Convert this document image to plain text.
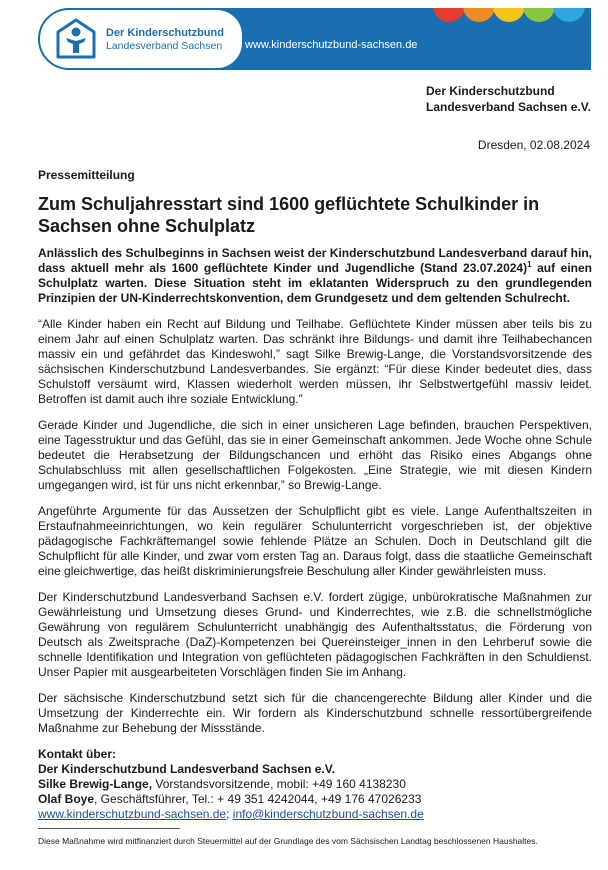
Der Kinderschutzbund
Landesverband Sachsen www.kinderschutzbund-sachsen.de
Der Kinderschutzbund
Landesverband Sachsen e.V.
Dresden, 02.08.2024
Pressemitteilung
Zum Schuljahresstart sind 1600 geflüchtete Schulkinder in Sachsen ohne Schulplatz

Anlässlich des Schulbeginns in Sachsen weist der Kinderschutzbund Landesverband darauf hin, dass aktuell mehr als 1600 geflüchtete Kinder und Jugendliche (Stand 23.07.2024)$^1$ auf einen Schulplatz warten. Diese Situation steht im eklatanten Widerspruch zu den grundlegenden Prinzipien der UN-Kinderrechtskonvention, dem Grundgesetz und dem geltenden Schulrecht.

“Alle Kinder haben ein Recht auf Bildung und Teilhabe. Geflüchtete Kinder müssen aber teils bis zu einem Jahr auf einen Schulplatz warten. Das schränkt ihre Bildungs- und damit ihre Teilhabechancen massiv ein und gefährdet das Kindeswohl,” sagt Silke Brewig-Lange, die Vorstandsvorsitzende des sächsischen Kinderschutzbund Landesverbandes. Sie ergänzt: “Für diese Kinder bedeutet dies, dass Schulstoff versäumt wird, Klassen wiederholt werden müssen, ihr Selbstwertgefühl massiv leidet. Betroffen ist damit auch ihre soziale Entwicklung.”

Gerade Kinder und Jugendliche, die sich in einer unsicheren Lage befinden, brauchen Perspektiven, eine Tagesstruktur und das Gefühl, das sie in einer Gemeinschaft ankommen. Jede Woche ohne Schule bedeutet die Herabsetzung der Bildungschancen und erhöht das Risiko eines Abgangs ohne Schulabschluss mit allen gesellschaftlichen Folgekosten. „Eine Strategie, wie mit diesen Kindern umgegangen wird, ist für uns nicht erkennbar,” so Brewig-Lange.

Angeführte Argumente für das Aussetzen der Schulpflicht gibt es viele. Lange Aufenthaltszeiten in Erstaufnahmeeinrichtungen, wo kein regulärer Schulunterricht vorgeschrieben ist, der objektive pädagogische Fachkräftemangel sowie fehlende Plätze an Schulen. Doch in Deutschland gilt die Schulpflicht für alle Kinder, und zwar vom ersten Tag an. Daraus folgt, dass die staatliche Gemeinschaft eine gleichwertige, das heißt diskriminierungsfreie Beschulung aller Kinder gewährleisten muss.

Der Kinderschutzbund Landesverband Sachsen e.V. fordert zügige, unbürokratische Maßnahmen zur Gewährleistung und Umsetzung dieses Grund- und Kinderrechtes, wie z.B. die schnellstmögliche Gewährung von regulärem Schulunterricht unabhängig des Aufenthaltsstatus, die Förderung von Deutsch als Zweitsprache (DaZ)-Kompetenzen bei Quereinsteiger_innen in den Lehrberuf sowie die schnelle Identifikation und Integration von geflüchteten pädagogischen Fachkräften in den Schuldienst. Unser Papier mit ausgearbeiteten Vorschlägen finden Sie im Anhang.

Der sächsische Kinderschutzbund setzt sich für die chancengerechte Bildung aller Kinder und die Umsetzung der Kinderrechte ein. Wir fordern als Kinderschutzbund schnelle ressortübergreifende Maßnahme zur Behebung der Missstände.

Kontakt über:
Der Kinderschutzbund Landesverband Sachsen e.V.
Silke Brewig-Lange, Vorstandsvorsitzende, mobil: +49 160 4138230
Olaf Boye, Geschäftsführer, Tel.: + 49 351 4242044, +49 176 47026233
www.kinderschutzbund-sachsen.de; info@kinderschutzbund-sachsen.de
Diese Maßnahme wird mitfinanziert durch Steuermittel auf der Grundlage des vom Sächsischen Landtag beschlossenen Haushaltes.
